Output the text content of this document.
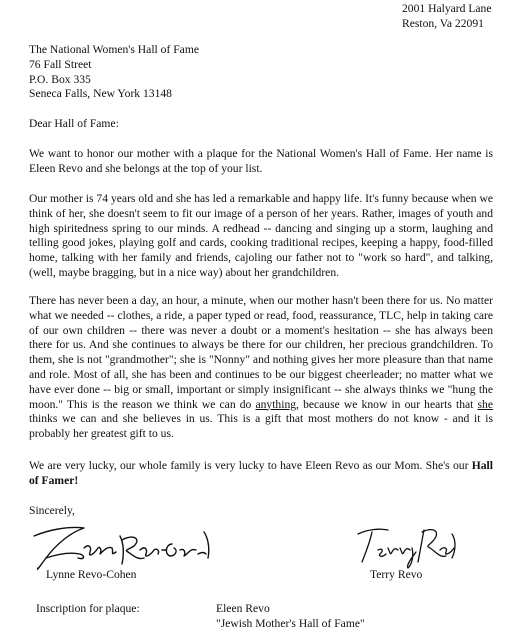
2001 Halyard Lane
Reston, Va 22091
The National Women's Hall of Fame
76 Fall Street
P.O. Box 335
Seneca Falls, New York 13148
Dear Hall of Fame:

We want to honor our mother with a plaque for the National Women's Hall of Fame. Her name is Eleen Revo and she belongs at the top of your list.

Our mother is 74 years old and she has led a remarkable and happy life. It's funny because when we think of her, she doesn't seem to fit our image of a person of her years. Rather, images of youth and high spiritedness spring to our minds. A redhead -- dancing and singing up a storm, laughing and telling good jokes, playing golf and cards, cooking traditional recipes, keeping a happy, food-filled home, talking with her family and friends, cajoling our father not to "work so hard", and talking, (well, maybe bragging, but in a nice way) about her grandchildren.

There has never been a day, an hour, a minute, when our mother hasn't been there for us. No matter what we needed -- clothes, a ride, a paper typed or read, food, reassurance, TLC, help in taking care of our own children -- there was never a doubt or a moment's hesitation -- she has always been there for us. And she continues to always be there for our children, her precious grandchildren. To them, she is not "grandmother"; she is "Nonny" and nothing gives her more pleasure than that name and role. Most of all, she has been and continues to be our biggest cheerleader; no matter what we have ever done -- big or small, important or simply insignificant -- she always thinks we "hung the moon." This is the reason we think we can do anything, because we know in our hearts that she thinks we can and she believes in us. This is a gift that most mothers do not know - and it is probably her greatest gift to us.

We are very lucky, our whole family is very lucky to have Eleen Revo as our Mom. She's our Hall of Famer!

Sincerely,
Lynne Revo-Cohen	Terry Revo
Inscription for plaque:	Eleen Revo
"Jewish Mother's Hall of Fame"
